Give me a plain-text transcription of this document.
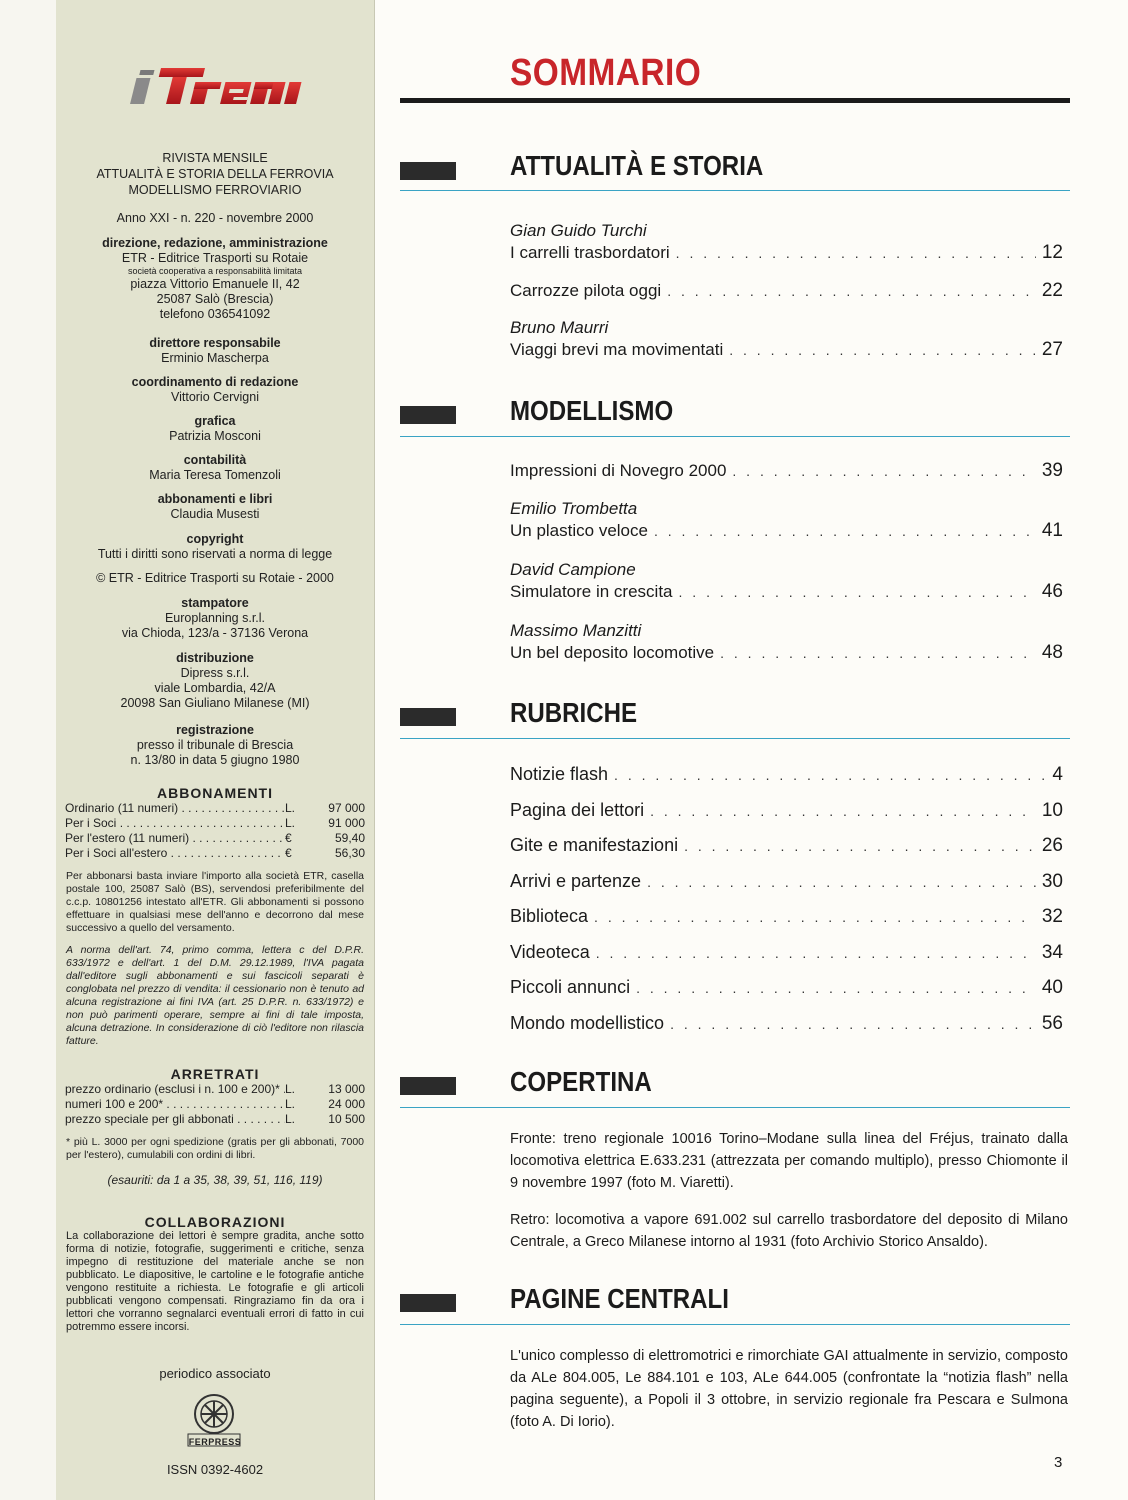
RIVISTA MENSILE
ATTUALITÀ E STORIA DELLA FERROVIA
MODELLISMO FERROVIARIO
Anno XXI - n. 220 - novembre 2000
direzione, redazione, amministrazione
ETR - Editrice Trasporti su Rotaie
società cooperativa a responsabilità limitata
piazza Vittorio Emanuele II, 42
25087 Salò (Brescia)
telefono 036541092
direttore responsabile
Erminio Mascherpa
coordinamento di redazione
Vittorio Cervigni
grafica
Patrizia Mosconi
contabilità
Maria Teresa Tomenzoli
abbonamenti e libri
Claudia Musesti
copyright
Tutti i diritti sono riservati a norma di legge
© ETR - Editrice Trasporti su Rotaie - 2000
stampatore
Europlanning s.r.l.
via Chioda, 123/a - 37136 Verona
distribuzione
Dipress s.r.l.
viale Lombardia, 42/A
20098 San Giuliano Milanese (MI)
registrazione
presso il tribunale di Brescia
n. 13/80 in data 5 giugno 1980
ABBONAMENTI
Ordinario (11 numeri) . . .	L.	97 000
Per i Soci . . .	L.	91 000
Per l'estero (11 numeri) . . .	€	59,40
Per i Soci all'estero . . .	€	56,30
Per abbonarsi basta inviare l'importo alla società ETR, casella postale 100, 25087 Salò (BS), servendosi preferibilmente del c.c.p. 10801256 intestato all'ETR. Gli abbonamenti si possono effettuare in qualsiasi mese dell'anno e decorrono dal mese successivo a quello del versamento.
A norma dell'art. 74, primo comma, lettera c del D.P.R. 633/1972 e dell'art. 1 del D.M. 29.12.1989, l'IVA pagata dall'editore sugli abbonamenti e sui fascicoli separati è conglobata nel prezzo di vendita: il cessionario non è tenuto ad alcuna registrazione ai fini IVA (art. 25 D.P.R. n. 633/1972) e non può parimenti operare, sempre ai fini di tale imposta, alcuna detrazione. In considerazione di ciò l'editore non rilascia fatture.
ARRETRATI
prezzo ordinario (esclusi i n. 100 e 200)* . . . L.	13 000
numeri 100 e 200* . . .	L.	24 000
prezzo speciale per gli abbonati . . .	L.	10 500
* più L. 3000 per ogni spedizione (gratis per gli abbonati, 7000 per l'estero), cumulabili con ordini di libri.
(esauriti: da 1 a 35, 38, 39, 51, 116, 119)
COLLABORAZIONI
La collaborazione dei lettori è sempre gradita, anche sotto forma di notizie, fotografie, suggerimenti e critiche, senza impegno di restituzione del materiale anche se non pubblicato. Le diapositive, le cartoline e le fotografie antiche vengono restituite a richiesta. Le fotografie e gli articoli pubblicati vengono compensati. Ringraziamo fin da ora i lettori che vorranno segnalarci eventuali errori di fatto in cui potremmo essere incorsi.
periodico associato
FERPRESS
ISSN 0392-4602
SOMMARIO
ATTUALITÀ E STORIA
Gian Guido Turchi
I carrelli trasbordatori . . .	12
Carrozze pilota oggi . . .	22
Bruno Maurri
Viaggi brevi ma movimentati . . .	27
MODELLISMO
Impressioni di Novegro 2000 . . .	39
Emilio Trombetta
Un plastico veloce . . .	41
David Campione
Simulatore in crescita . . .	46
Massimo Manzitti
Un bel deposito locomotive . . .	48
RUBRICHE
Notizie flash . . .	4
Pagina dei lettori . . .	10
Gite e manifestazioni . . .	26
Arrivi e partenze . . .	30
Biblioteca . . .	32
Videoteca . . .	34
Piccoli annunci . . .	40
Mondo modellistico . . .	56
COPERTINA
Fronte: treno regionale 10016 Torino–Modane sulla linea del Fréjus, trainato dalla locomotiva elettrica E.633.231 (attrezzata per comando multiplo), presso Chiomonte il 9 novembre 1997 (foto M. Viaretti).
Retro: locomotiva a vapore 691.002 sul carrello trasbordatore del deposito di Milano Centrale, a Greco Milanese intorno al 1931 (foto Archivio Storico Ansaldo).
PAGINE CENTRALI
L'unico complesso di elettromotrici e rimorchiate GAI attualmente in servizio, composto da ALe 804.005, Le 884.101 e 103, ALe 644.005 (confrontate la “notizia flash” nella pagina seguente), a Popoli il 3 ottobre, in servizio regionale fra Pescara e Sulmona (foto A. Di Iorio).
3
